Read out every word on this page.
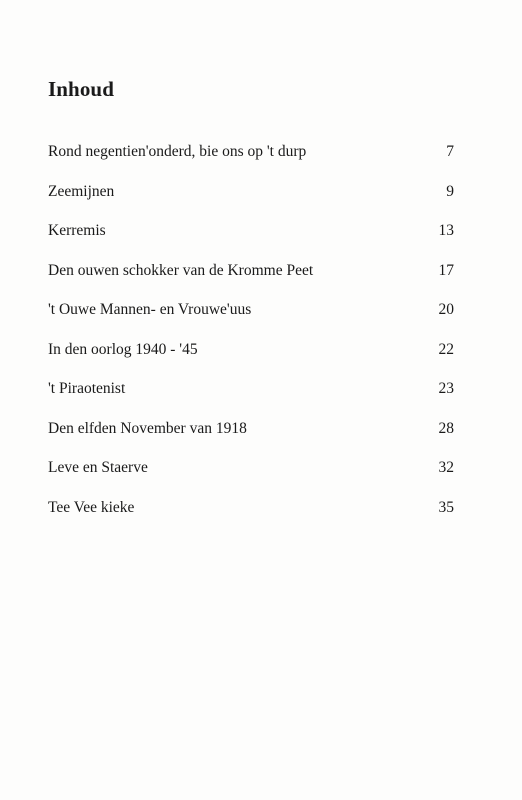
Inhoud
Rond negentien'onderd, bie ons op 't durp	7
Zeemijnen	9
Kerremis	13
Den ouwen schokker van de Kromme Peet	17
't Ouwe Mannen- en Vrouwe'uus	20
In den oorlog 1940 - '45	22
't Piraotenist	23
Den elfden November van 1918	28
Leve en Staerve	32
Tee Vee kieke	35
